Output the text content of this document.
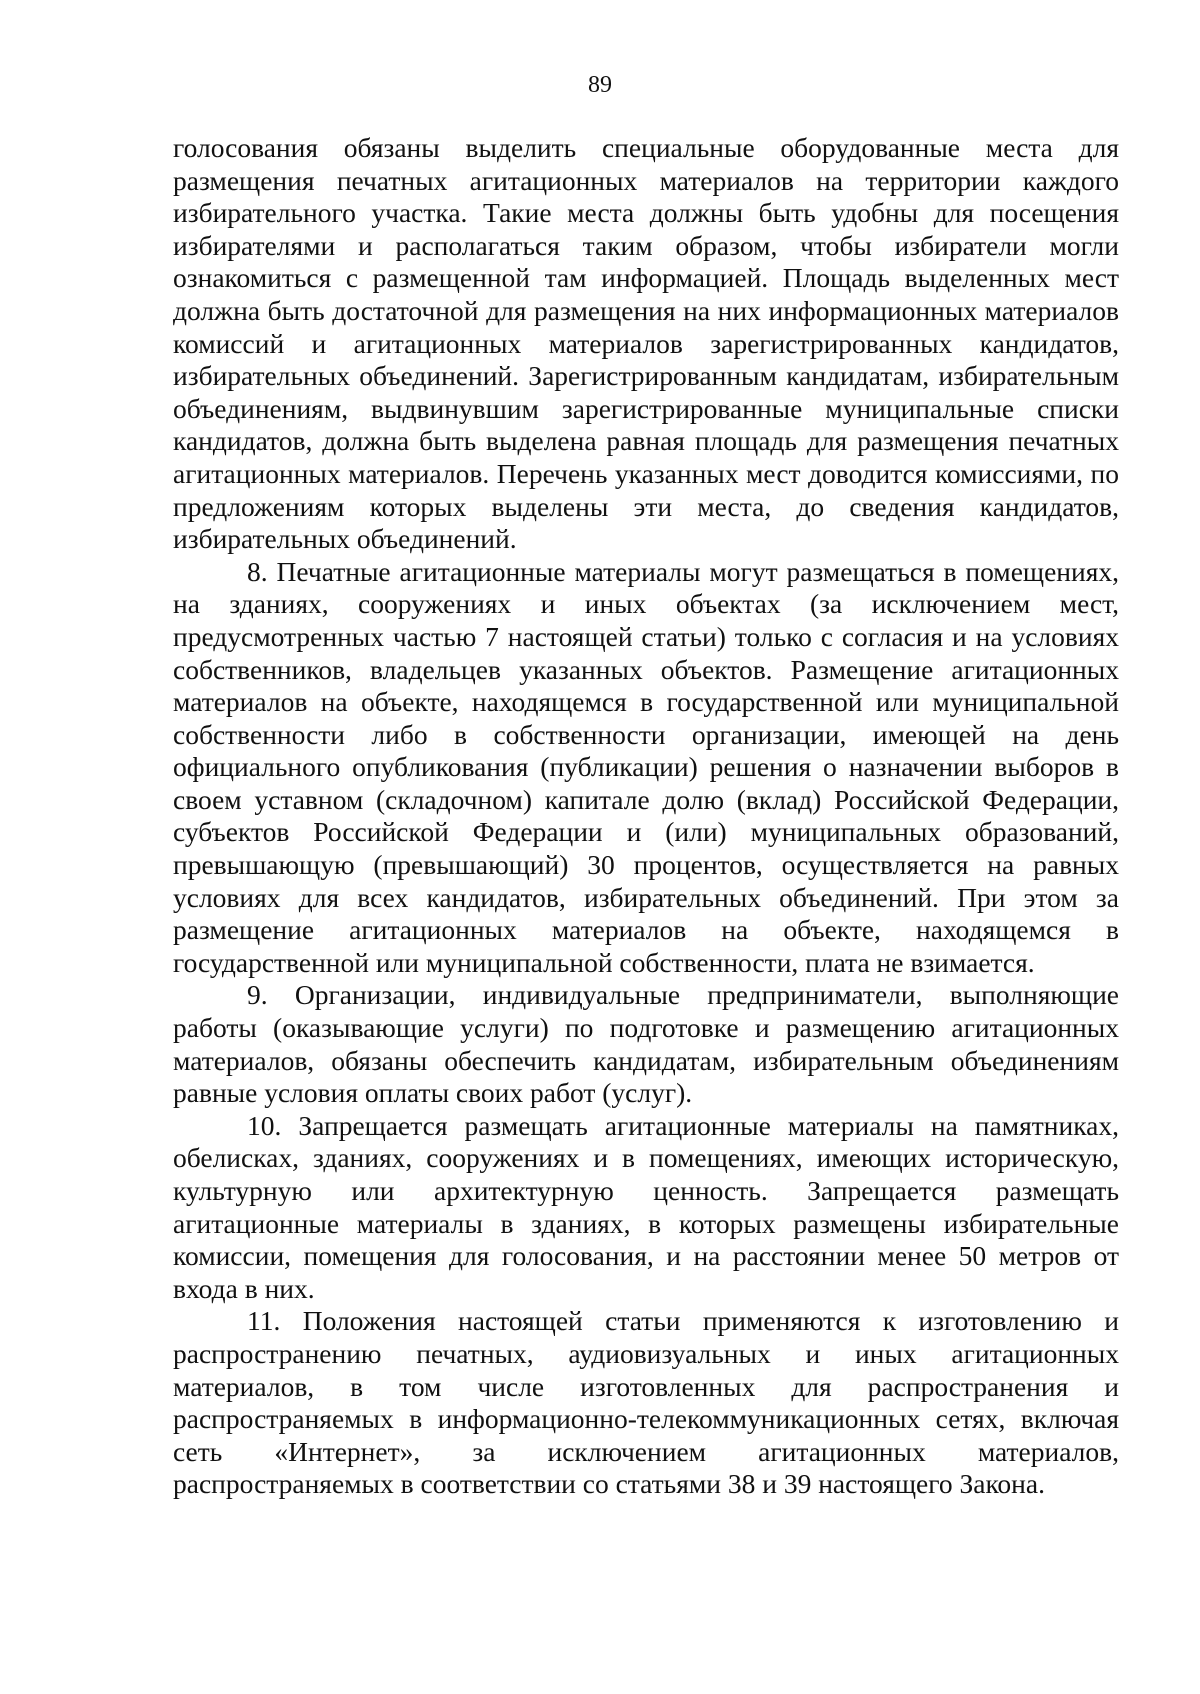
89

голосования обязаны выделить специальные оборудованные места для размещения печатных агитационных материалов на территории каждого избирательного участка. Такие места должны быть удобны для посещения избирателями и располагаться таким образом, чтобы избиратели могли ознакомиться с размещенной там информацией. Площадь выделенных мест должна быть достаточной для размещения на них информационных материалов комиссий и агитационных материалов зарегистрированных кандидатов, избирательных объединений. Зарегистрированным кандидатам, избирательным объединениям, выдвинувшим зарегистрированные муниципальные списки кандидатов, должна быть выделена равная площадь для размещения печатных агитационных материалов. Перечень указанных мест доводится комиссиями, по предложениям которых выделены эти места, до сведения кандидатов, избирательных объединений.

8. Печатные агитационные материалы могут размещаться в помещениях, на зданиях, сооружениях и иных объектах (за исключением мест, предусмотренных частью 7 настоящей статьи) только с согласия и на условиях собственников, владельцев указанных объектов. Размещение агитационных материалов на объекте, находящемся в государственной или муниципальной собственности либо в собственности организации, имеющей на день официального опубликования (публикации) решения о назначении выборов в своем уставном (складочном) капитале долю (вклад) Российской Федерации, субъектов Российской Федерации и (или) муниципальных образований, превышающую (превышающий) 30 процентов, осуществляется на равных условиях для всех кандидатов, избирательных объединений. При этом за размещение агитационных материалов на объекте, находящемся в государственной или муниципальной собственности, плата не взимается.

9. Организации, индивидуальные предприниматели, выполняющие работы (оказывающие услуги) по подготовке и размещению агитационных материалов, обязаны обеспечить кандидатам, избирательным объединениям равные условия оплаты своих работ (услуг).

10. Запрещается размещать агитационные материалы на памятниках, обелисках, зданиях, сооружениях и в помещениях, имеющих историческую, культурную или архитектурную ценность. Запрещается размещать агитационные материалы в зданиях, в которых размещены избирательные комиссии, помещения для голосования, и на расстоянии менее 50 метров от входа в них.

11. Положения настоящей статьи применяются к изготовлению и распространению печатных, аудиовизуальных и иных агитационных материалов, в том числе изготовленных для распространения и распространяемых в информационно-телекоммуникационных сетях, включая сеть «Интернет», за исключением агитационных материалов, распространяемых в соответствии со статьями 38 и 39 настоящего Закона.
